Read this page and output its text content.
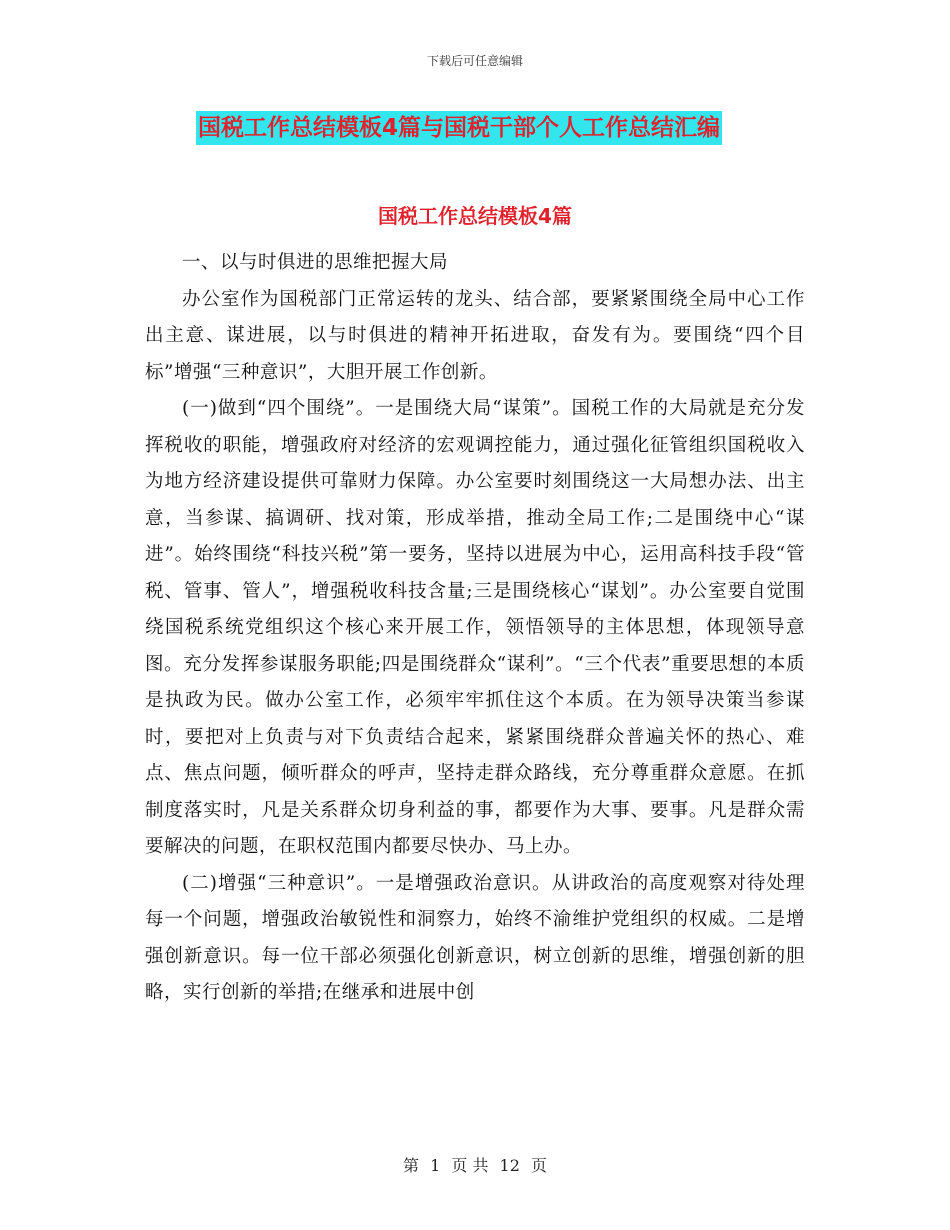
下载后可任意编辑
国税工作总结模板4篇与国税干部个人工作总结汇编
国税工作总结模板4篇

一、以与时俱进的思维把握大局

办公室作为国税部门正常运转的龙头、结合部，要紧紧围绕全局中心工作出主意、谋进展，以与时俱进的精神开拓进取，奋发有为。要围绕“四个目标”增强“三种意识”，大胆开展工作创新。

(一)做到“四个围绕”。一是围绕大局“谋策”。国税工作的大局就是充分发挥税收的职能，增强政府对经济的宏观调控能力，通过强化征管组织国税收入为地方经济建设提供可靠财力保障。办公室要时刻围绕这一大局想办法、出主意，当参谋、搞调研、找对策，形成举措，推动全局工作;二是围绕中心“谋进”。始终围绕“科技兴税”第一要务，坚持以进展为中心，运用高科技手段“管税、管事、管人”，增强税收科技含量;三是围绕核心“谋划”。办公室要自觉围绕国税系统党组织这个核心来开展工作，领悟领导的主体思想，体现领导意图。充分发挥参谋服务职能;四是围绕群众“谋利”。“三个代表”重要思想的本质是执政为民。做办公室工作，必须牢牢抓住这个本质。在为领导决策当参谋时，要把对上负责与对下负责结合起来，紧紧围绕群众普遍关怀的热心、难点、焦点问题，倾听群众的呼声，坚持走群众路线，充分尊重群众意愿。在抓制度落实时，凡是关系群众切身利益的事，都要作为大事、要事。凡是群众需要解决的问题，在职权范围内都要尽快办、马上办。

(二)增强“三种意识”。一是增强政治意识。从讲政治的高度观察对待处理每一个问题，增强政治敏锐性和洞察力，始终不渝维护党组织的权威。二是增强创新意识。每一位干部必须强化创新意识，树立创新的思维，增强创新的胆略，实行创新的举措;在继承和进展中创

第 1 页 共 12 页
